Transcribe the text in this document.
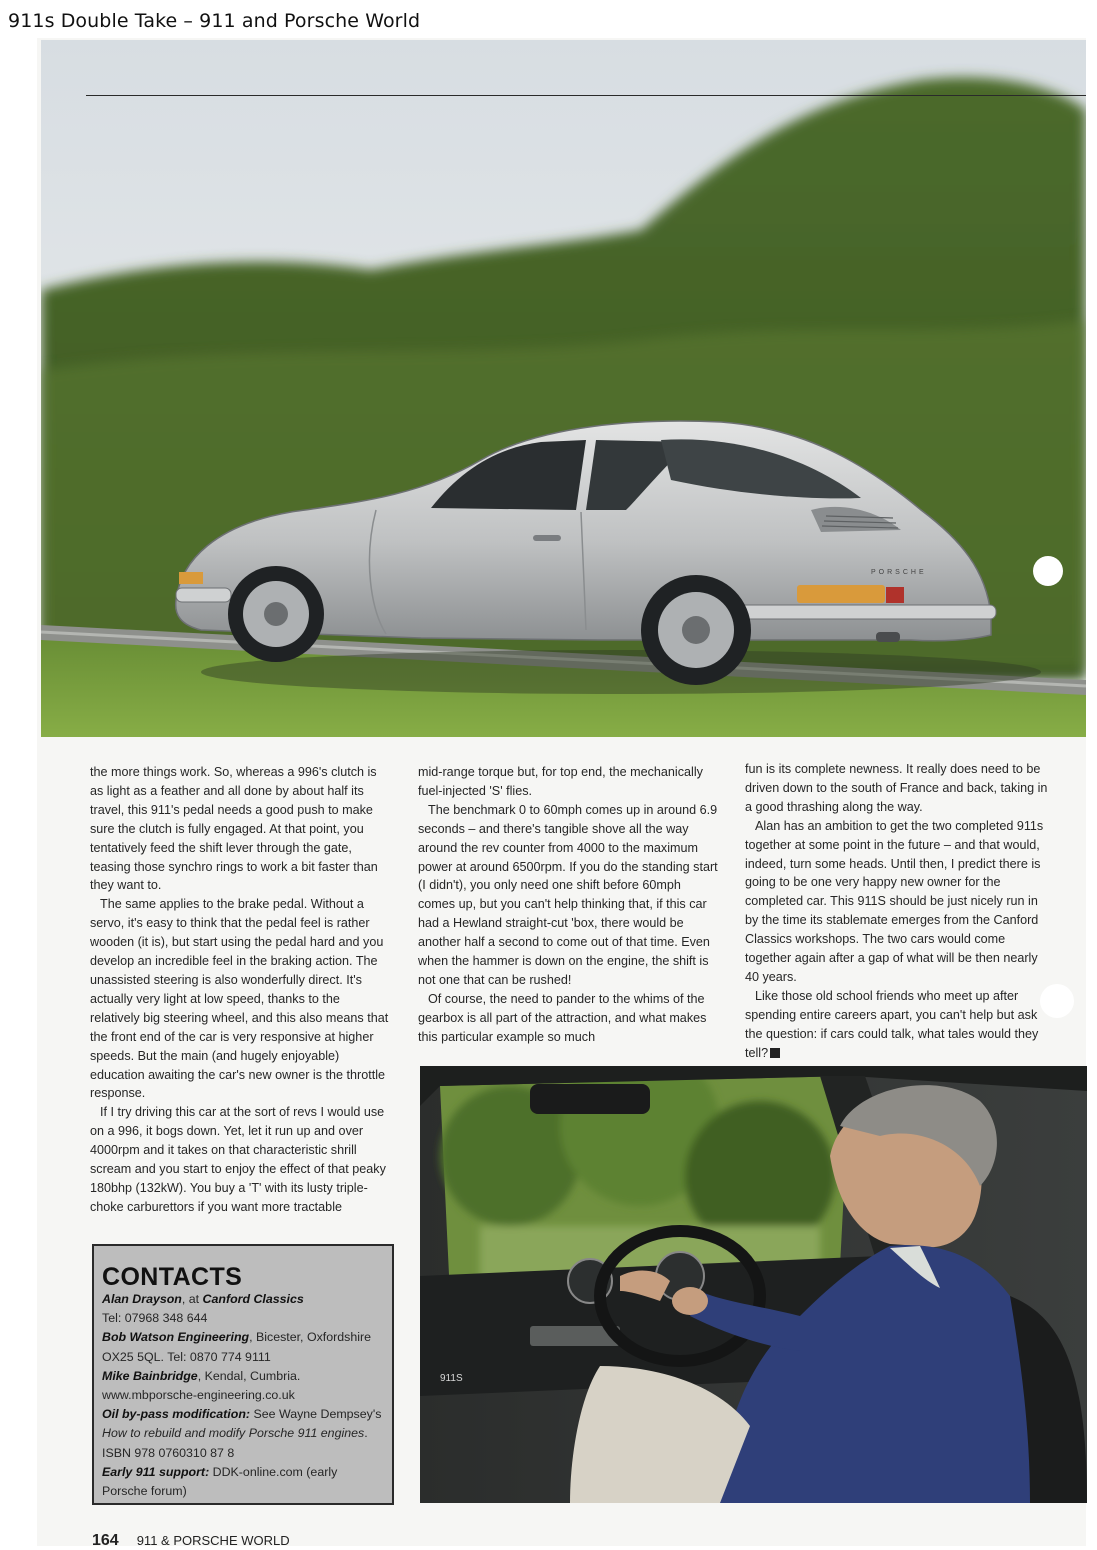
911s Double Take – 911 and Porsche World
PORSCHE

the more things work. So, whereas a 996's clutch is as light as a feather and all done by about half its travel, this 911's pedal needs a good push to make sure the clutch is fully engaged. At that point, you tentatively feed the shift lever through the gate, teasing those synchro rings to work a bit faster than they want to.

The same applies to the brake pedal. Without a servo, it's easy to think that the pedal feel is rather wooden (it is), but start using the pedal hard and you develop an incredible feel in the braking action. The unassisted steering is also wonderfully direct. It's actually very light at low speed, thanks to the relatively big steering wheel, and this also means that the front end of the car is very responsive at higher speeds. But the main (and hugely enjoyable) education awaiting the car's new owner is the throttle response.

If I try driving this car at the sort of revs I would use on a 996, it bogs down. Yet, let it run up and over 4000rpm and it takes on that characteristic shrill scream and you start to enjoy the effect of that peaky 180bhp (132kW). You buy a 'T' with its lusty triple-choke carburettors if you want more tractable

mid-range torque but, for top end, the mechanically fuel-injected 'S' flies.

The benchmark 0 to 60mph comes up in around 6.9 seconds – and there's tangible shove all the way around the rev counter from 4000 to the maximum power at around 6500rpm. If you do the standing start (I didn't), you only need one shift before 60mph comes up, but you can't help thinking that, if this car had a Hewland straight-cut 'box, there would be another half a second to come out of that time. Even when the hammer is down on the engine, the shift is not one that can be rushed!

Of course, the need to pander to the whims of the gearbox is all part of the attraction, and what makes this particular example so much

fun is its complete newness. It really does need to be driven down to the south of France and back, taking in a good thrashing along the way.

Alan has an ambition to get the two completed 911s together at some point in the future – and that would, indeed, turn some heads. Until then, I predict there is going to be one very happy new owner for the completed car. This 911S should be just nicely run in by the time its stablemate emerges from the Canford Classics workshops. The two cars would come together again after a gap of what will be then nearly 40 years.

Like those old school friends who meet up after spending entire careers apart, you can't help but ask the question: if cars could talk, what tales would they tell?

CONTACTS
Alan Drayson, at Canford Classics
Tel: 07968 348 644
Bob Watson Engineering, Bicester, Oxfordshire OX25 5QL. Tel: 0870 774 9111
Mike Bainbridge, Kendal, Cumbria.
www.mbporsche-engineering.co.uk
Oil by-pass modification: See Wayne Dempsey's How to rebuild and modify Porsche 911 engines. ISBN 978 0760310 87 8
Early 911 support: DDK-online.com (early Porsche forum)
911S
164 911 & PORSCHE WORLD
